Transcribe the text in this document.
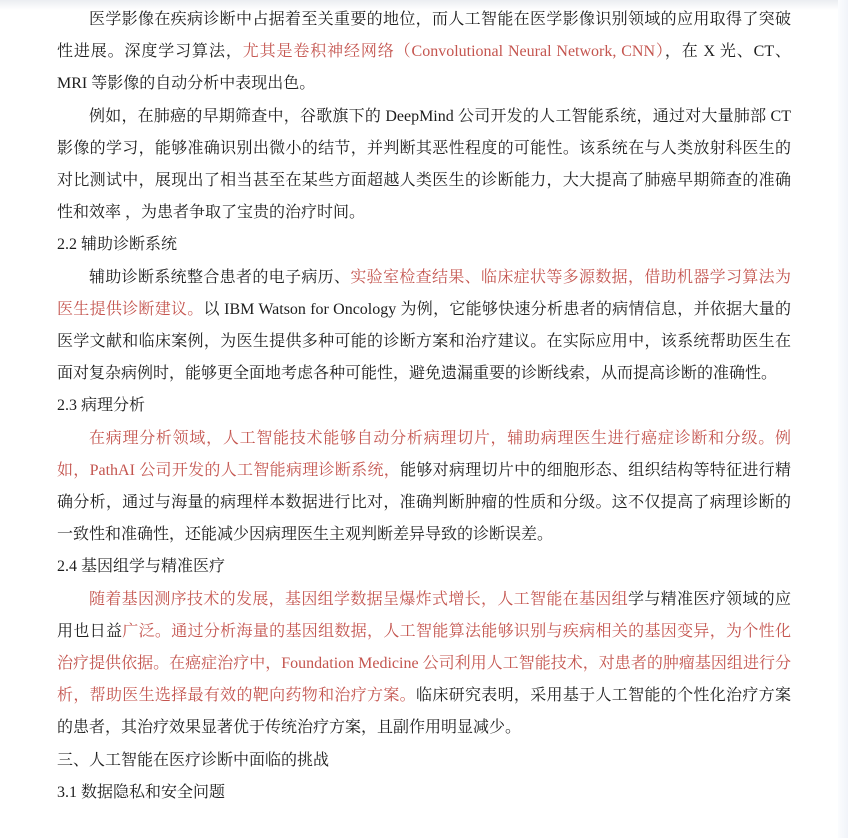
医学影像在疾病诊断中占据着至关重要的地位，而人工智能在医学影像识别领域的应用取得了突破性进展。深度学习算法，尤其是卷积神经网络（Convolutional Neural Network, CNN），在 X 光、CT、MRI 等影像的自动分析中表现出色。

例如，在肺癌的早期筛查中，谷歌旗下的 DeepMind 公司开发的人工智能系统，通过对大量肺部 CT 影像的学习，能够准确识别出微小的结节，并判断其恶性程度的可能性。该系统在与人类放射科医生的对比测试中，展现出了相当甚至在某些方面超越人类医生的诊断能力，大大提高了肺癌早期筛查的准确性和效率 ，为患者争取了宝贵的治疗时间。

2.2 辅助诊断系统

辅助诊断系统整合患者的电子病历、实验室检查结果、临床症状等多源数据，借助机器学习算法为医生提供诊断建议。以 IBM Watson for Oncology 为例，它能够快速分析患者的病情信息，并依据大量的医学文献和临床案例，为医生提供多种可能的诊断方案和治疗建议。在实际应用中，该系统帮助医生在面对复杂病例时，能够更全面地考虑各种可能性，避免遗漏重要的诊断线索，从而提高诊断的准确性。

2.3 病理分析

在病理分析领域，人工智能技术能够自动分析病理切片，辅助病理医生进行癌症诊断和分级。例如，PathAI 公司开发的人工智能病理诊断系统，能够对病理切片中的细胞形态、组织结构等特征进行精确分析，通过与海量的病理样本数据进行比对，准确判断肿瘤的性质和分级。这不仅提高了病理诊断的一致性和准确性，还能减少因病理医生主观判断差异导致的诊断误差。

2.4 基因组学与精准医疗

随着基因测序技术的发展，基因组学数据呈爆炸式增长，人工智能在基因组学与精准医疗领域的应用也日益广泛。通过分析海量的基因组数据，人工智能算法能够识别与疾病相关的基因变异，为个性化治疗提供依据。在癌症治疗中，Foundation Medicine 公司利用人工智能技术，对患者的肿瘤基因组进行分析，帮助医生选择最有效的靶向药物和治疗方案。临床研究表明，采用基于人工智能的个性化治疗方案的患者，其治疗效果显著优于传统治疗方案，且副作用明显减少。

三、人工智能在医疗诊断中面临的挑战

3.1 数据隐私和安全问题
